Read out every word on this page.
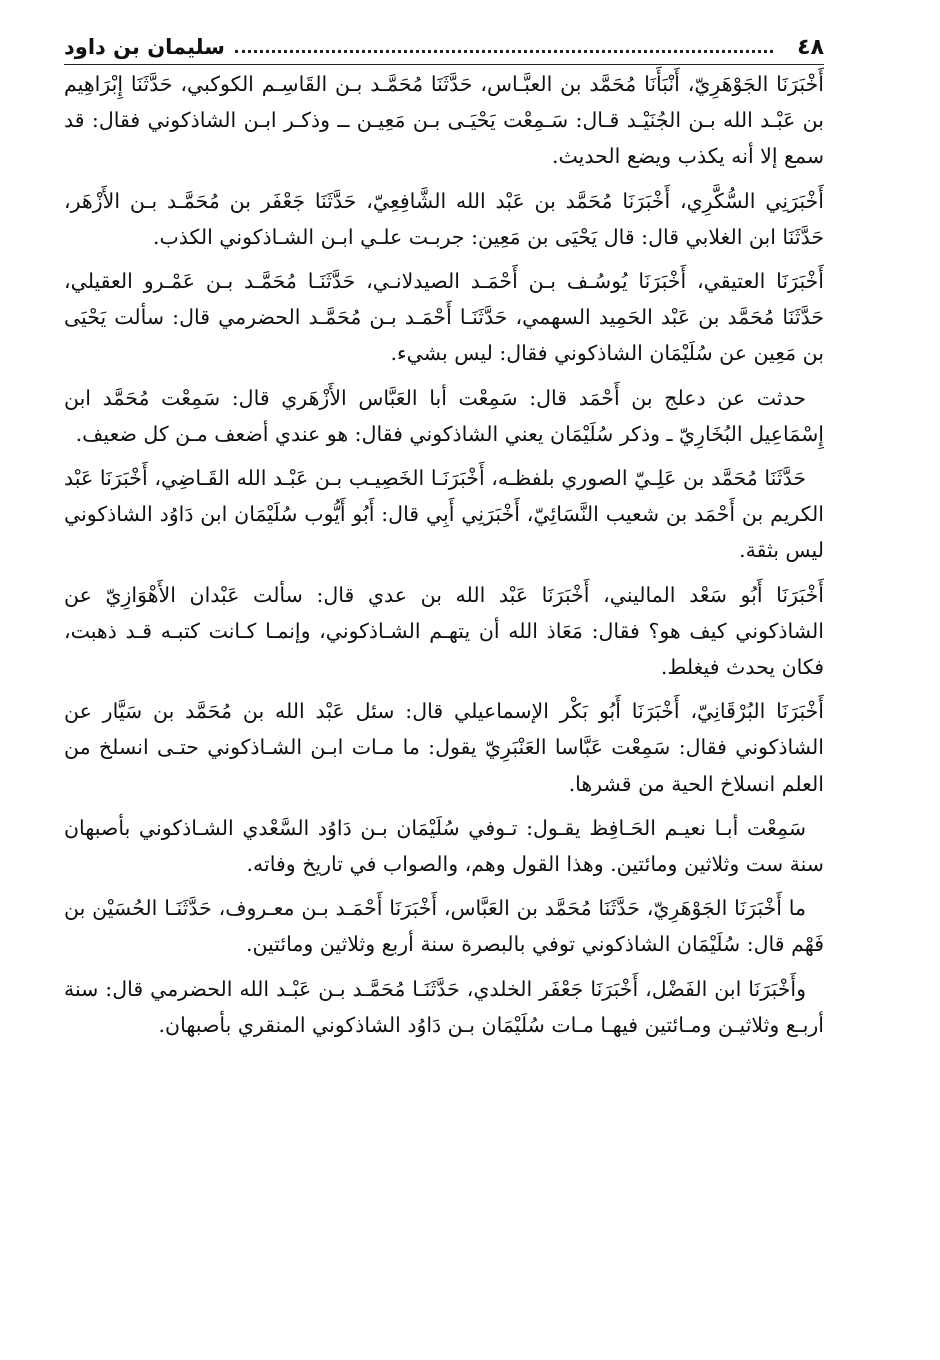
٤٨
سليمان بن داود

أَخْبَرَنَا الجَوْهَرِيّ، أَنْبَأَنَا مُحَمَّد بن العبَّـاس، حَدَّثَنَا مُحَمَّـد بـن القَاسِـم الكوكبي، حَدَّثَنَا إِبْرَاهِيم بن عَبْـد الله بـن الجُنَيْـد قـال: سَـمِعْت يَحْيَـى بـن مَعِيـن ــ وذكـر ابـن الشاذكوني فقال: قد سمع إلا أنه يكذب ويضع الحديث.

أَخْبَرَنِي السُّكَّرِي، أَخْبَرَنَا مُحَمَّد بن عَبْد الله الشَّافِعِيّ، حَدَّثَنَا جَعْفَر بن مُحَمَّـد بـن الأَزْهَر، حَدَّثَنَا ابن الغلابي قال: قال يَحْيَى بن مَعِين: جربـت علـي ابـن الشـاذكوني الكذب.

أَخْبَرَنَا العتيقي، أَخْبَرَنَا يُوسُـف بـن أَحْمَـد الصيدلانـي، حَدَّثَنَـا مُحَمَّـد بـن عَمْـرو العقيلي، حَدَّثَنَا مُحَمَّد بن عَبْد الحَمِيد السهمي، حَدَّثَنَـا أَحْمَـد بـن مُحَمَّـد الحضرمي قال: سألت يَحْيَى بن مَعِين عن سُلَيْمَان الشاذكوني فقال: ليس بشيء.

حدثت عن دعلج بن أَحْمَد قال: سَمِعْت أبا العَبَّاس الأَزْهَري قال: سَمِعْت مُحَمَّد ابن إِسْمَاعِيل البُخَارِيّ ـ وذكر سُلَيْمَان يعني الشاذكوني فقال: هو عندي أضعف مـن كل ضعيف.

حَدَّثَنَا مُحَمَّد بن عَلِـيّ الصوري بلفظـه، أَخْبَرَنَـا الخَصِيـب بـن عَبْـد الله القَـاضِي، أَخْبَرَنَا عَبْد الكريم بن أَحْمَد بن شعيب النَّسَائِيّ، أَخْبَرَنِي أَبِي قال: أَبُو أَيُّوب سُلَيْمَان ابن دَاوُد الشاذكوني ليس بثقة.

أَخْبَرَنَا أَبُو سَعْد الماليني، أَخْبَرَنَا عَبْد الله بن عدي قال: سألت عَبْدان الأَهْوَازِيّ عن الشاذكوني كيف هو؟ فقال: مَعَاذ الله أن يتهـم الشـاذكوني، وإنمـا كـانت كتبـه قـد ذهبت، فكان يحدث فيغلط.

أَخْبَرَنَا البُرْقَانِيّ، أَخْبَرَنَا أَبُو بَكْر الإسماعيلي قال: سئل عَبْد الله بن مُحَمَّد بن سَيَّار عن الشاذكوني فقال: سَمِعْت عَبَّاسا العَنْبَرِيّ يقول: ما مـات ابـن الشـاذكوني حتـى انسلخ من العلم انسلاخ الحية من قشرها.

سَمِعْت أبـا نعيـم الحَـافِظ يقـول: تـوفي سُلَيْمَان بـن دَاوُد السَّعْدي الشـاذكوني بأصبهان سنة ست وثلاثين ومائتين. وهذا القول وهم، والصواب في تاريخ وفاته.

ما أَخْبَرَنَا الجَوْهَرِيّ، حَدَّثَنَا مُحَمَّد بن العَبَّاس، أَخْبَرَنَا أَحْمَـد بـن معـروف، حَدَّثَنَـا الحُسَيْن بن فَهْم قال: سُلَيْمَان الشاذكوني توفي بالبصرة سنة أربع وثلاثين ومائتين.

وأَخْبَرَنَا ابن الفَضْل، أَخْبَرَنَا جَعْفَر الخلدي، حَدَّثَنَـا مُحَمَّـد بـن عَبْـد الله الحضرمي قال: سنة أربـع وثلاثيـن ومـائتين فيهـا مـات سُلَيْمَان بـن دَاوُد الشاذكوني المنقري بأصبهان.
